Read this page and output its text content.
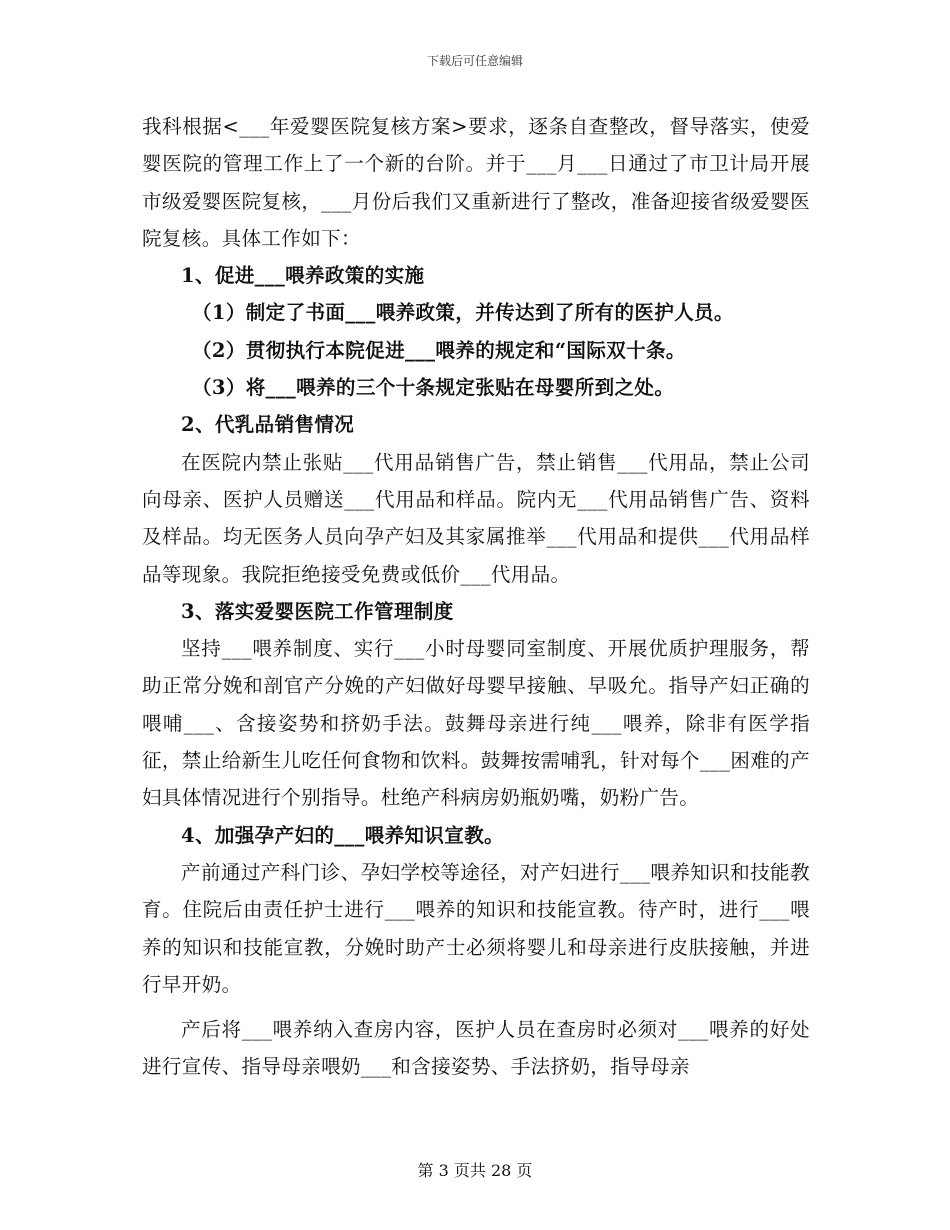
下载后可任意编辑

我科根据<___年爱婴医院复核方案>要求，逐条自查整改，督导落实，使爱婴医院的管理工作上了一个新的台阶。并于___月___日通过了市卫计局开展市级爱婴医院复核，___月份后我们又重新进行了整改，准备迎接省级爱婴医院复核。具体工作如下：

1、促进___喂养政策的实施

（1）制定了书面___喂养政策，并传达到了所有的医护人员。

（2）贯彻执行本院促进___喂养的规定和“国际双十条。

（3）将___喂养的三个十条规定张贴在母婴所到之处。

2、代乳品销售情况

在医院内禁止张贴___代用品销售广告，禁止销售___代用品，禁止公司向母亲、医护人员赠送___代用品和样品。院内无___代用品销售广告、资料及样品。均无医务人员向孕产妇及其家属推举___代用品和提供___代用品样品等现象。我院拒绝接受免费或低价___代用品。

3、落实爱婴医院工作管理制度

坚持___喂养制度、实行___小时母婴同室制度、开展优质护理服务，帮助正常分娩和剖官产分娩的产妇做好母婴早接触、早吸允。指导产妇正确的喂哺___、含接姿势和挤奶手法。鼓舞母亲进行纯___喂养，除非有医学指征，禁止给新生儿吃任何食物和饮料。鼓舞按需哺乳，针对每个___困难的产妇具体情况进行个别指导。杜绝产科病房奶瓶奶嘴，奶粉广告。

4、加强孕产妇的___喂养知识宣教。

产前通过产科门诊、孕妇学校等途径，对产妇进行___喂养知识和技能教育。住院后由责任护士进行___喂养的知识和技能宣教。待产时，进行___喂养的知识和技能宣教，分娩时助产士必须将婴儿和母亲进行皮肤接触，并进行早开奶。

产后将___喂养纳入查房内容，医护人员在查房时必须对___喂养的好处进行宣传、指导母亲喂奶___和含接姿势、手法挤奶，指导母亲

第 3 页共 28 页
